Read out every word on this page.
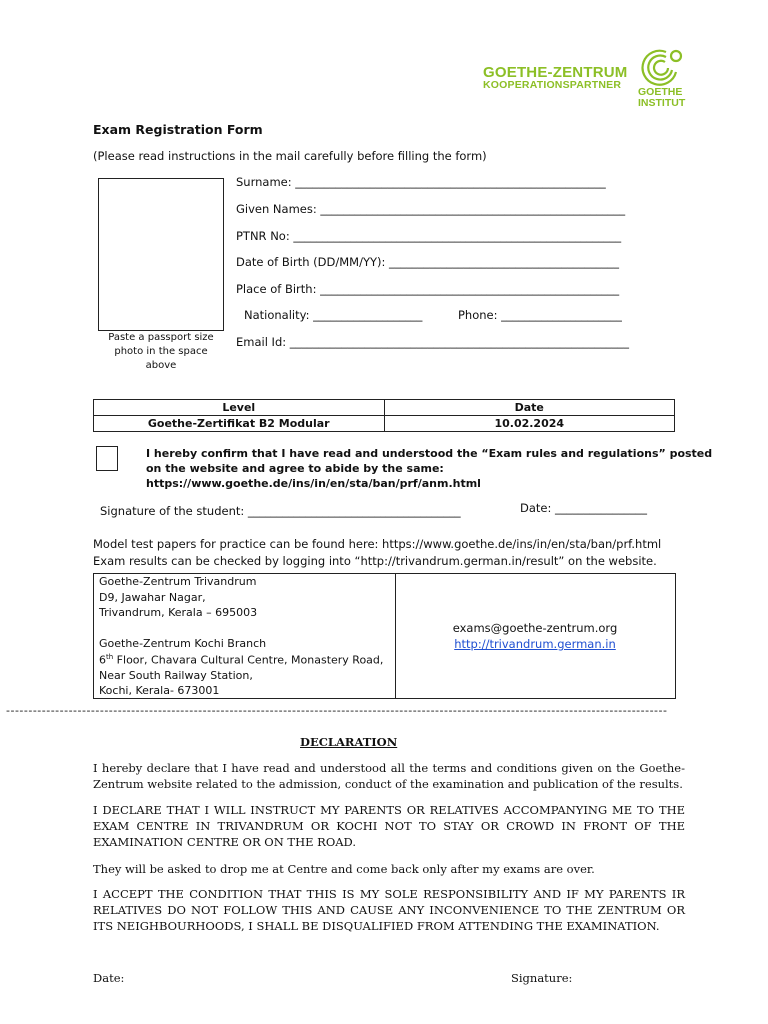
GOETHE-ZENTRUM
KOOPERATIONSPARTNER
GOETHE
INSTITUT
Exam Registration Form
(Please read instructions in the mail carefully before filling the form)
Paste a passport size photo in the space above
Surname: ______________________________________________________
Given Names: _____________________________________________________
PTNR No: _________________________________________________________
Date of Birth (DD/MM/YY): ________________________________________
Place of Birth: ____________________________________________________
Nationality: ___________________	Phone: _____________________
Email Id: ___________________________________________________________
Level	Date
Goethe-Zertifikat B2 Modular	10.02.2024
I hereby confirm that I have read and understood the “Exam rules and regulations” posted on the website and agree to abide by the same: https://www.goethe.de/ins/in/en/sta/ban/prf/anm.html
Signature of the student: _____________________________________	Date: ________________
Model test papers for practice can be found here: https://www.goethe.de/ins/in/en/sta/ban/prf.html
Exam results can be checked by logging into “http://trivandrum.german.in/result” on the website.
Goethe-Zentrum Trivandrum
D9, Jawahar Nagar,
Trivandrum, Kerala – 695003
Goethe-Zentrum Kochi Branch
6th Floor, Chavara Cultural Centre, Monastery Road,
Near South Railway Station,
Kochi, Kerala- 673001
exams@goethe-zentrum.org
http://trivandrum.german.in
----------------------------------------------------------------------------------------------------------------------------------------------------
DECLARATION
I hereby declare that I have read and understood all the terms and conditions given on the Goethe-Zentrum website related to the admission, conduct of the examination and publication of the results.
I DECLARE THAT I WILL INSTRUCT MY PARENTS OR RELATIVES ACCOMPANYING ME TO THE EXAM CENTRE IN TRIVANDRUM OR KOCHI NOT TO STAY OR CROWD IN FRONT OF THE EXAMINATION CENTRE OR ON THE ROAD.
They will be asked to drop me at Centre and come back only after my exams are over.
I ACCEPT THE CONDITION THAT THIS IS MY SOLE RESPONSIBILITY AND IF MY PARENTS IR RELATIVES DO NOT FOLLOW THIS AND CAUSE ANY INCONVENIENCE TO THE ZENTRUM OR ITS NEIGHBOURHOODS, I SHALL BE DISQUALIFIED FROM ATTENDING THE EXAMINATION.
Date:	Signature:
